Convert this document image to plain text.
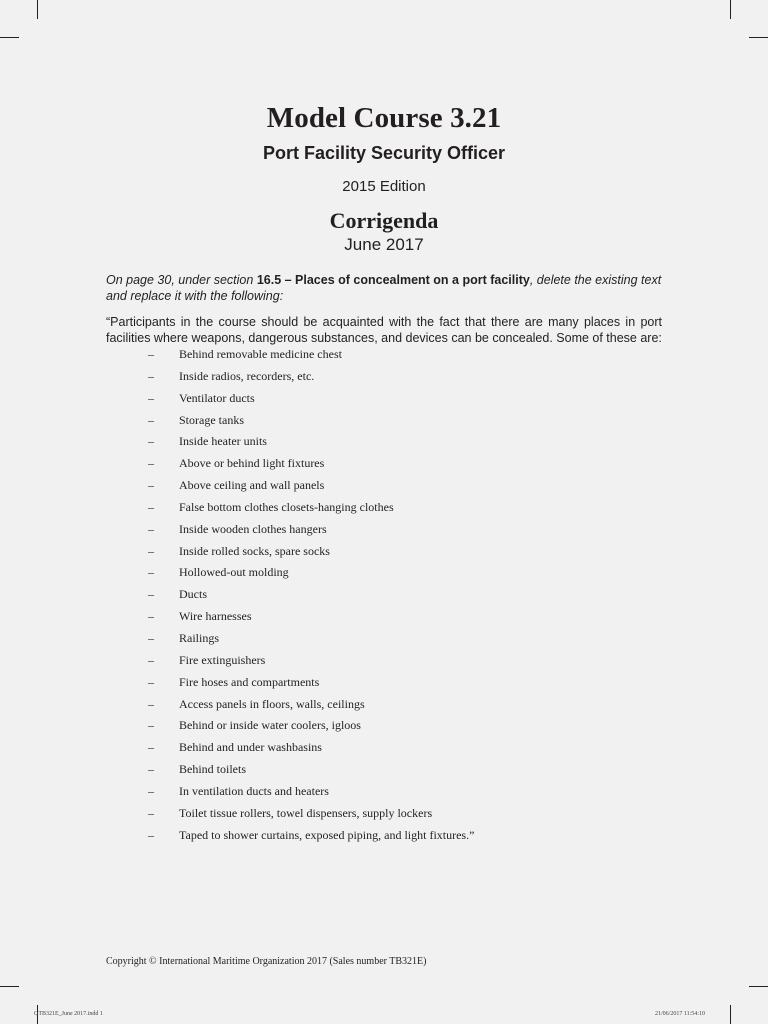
Model Course 3.21
Port Facility Security Officer
2015 Edition
Corrigenda
June 2017
On page 30, under section 16.5 – Places of concealment on a port facility, delete the existing text and replace it with the following:
“Participants in the course should be acquainted with the fact that there are many places in port facilities where weapons, dangerous substances, and devices can be concealed. Some of these are:
– Behind removable medicine chest
– Inside radios, recorders, etc.
– Ventilator ducts
– Storage tanks
– Inside heater units
– Above or behind light fixtures
– Above ceiling and wall panels
– False bottom clothes closets-hanging clothes
– Inside wooden clothes hangers
– Inside rolled socks, spare socks
– Hollowed-out molding
– Ducts
– Wire harnesses
– Railings
– Fire extinguishers
– Fire hoses and compartments
– Access panels in floors, walls, ceilings
– Behind or inside water coolers, igloos
– Behind and under washbasins
– Behind toilets
– In ventilation ducts and heaters
– Toilet tissue rollers, towel dispensers, supply lockers
– Taped to shower curtains, exposed piping, and light fixtures.”
Copyright © International Maritime Organization 2017 (Sales number TB321E)
QTB321E_June 2017.indd 1	21/06/2017 11:54:10
